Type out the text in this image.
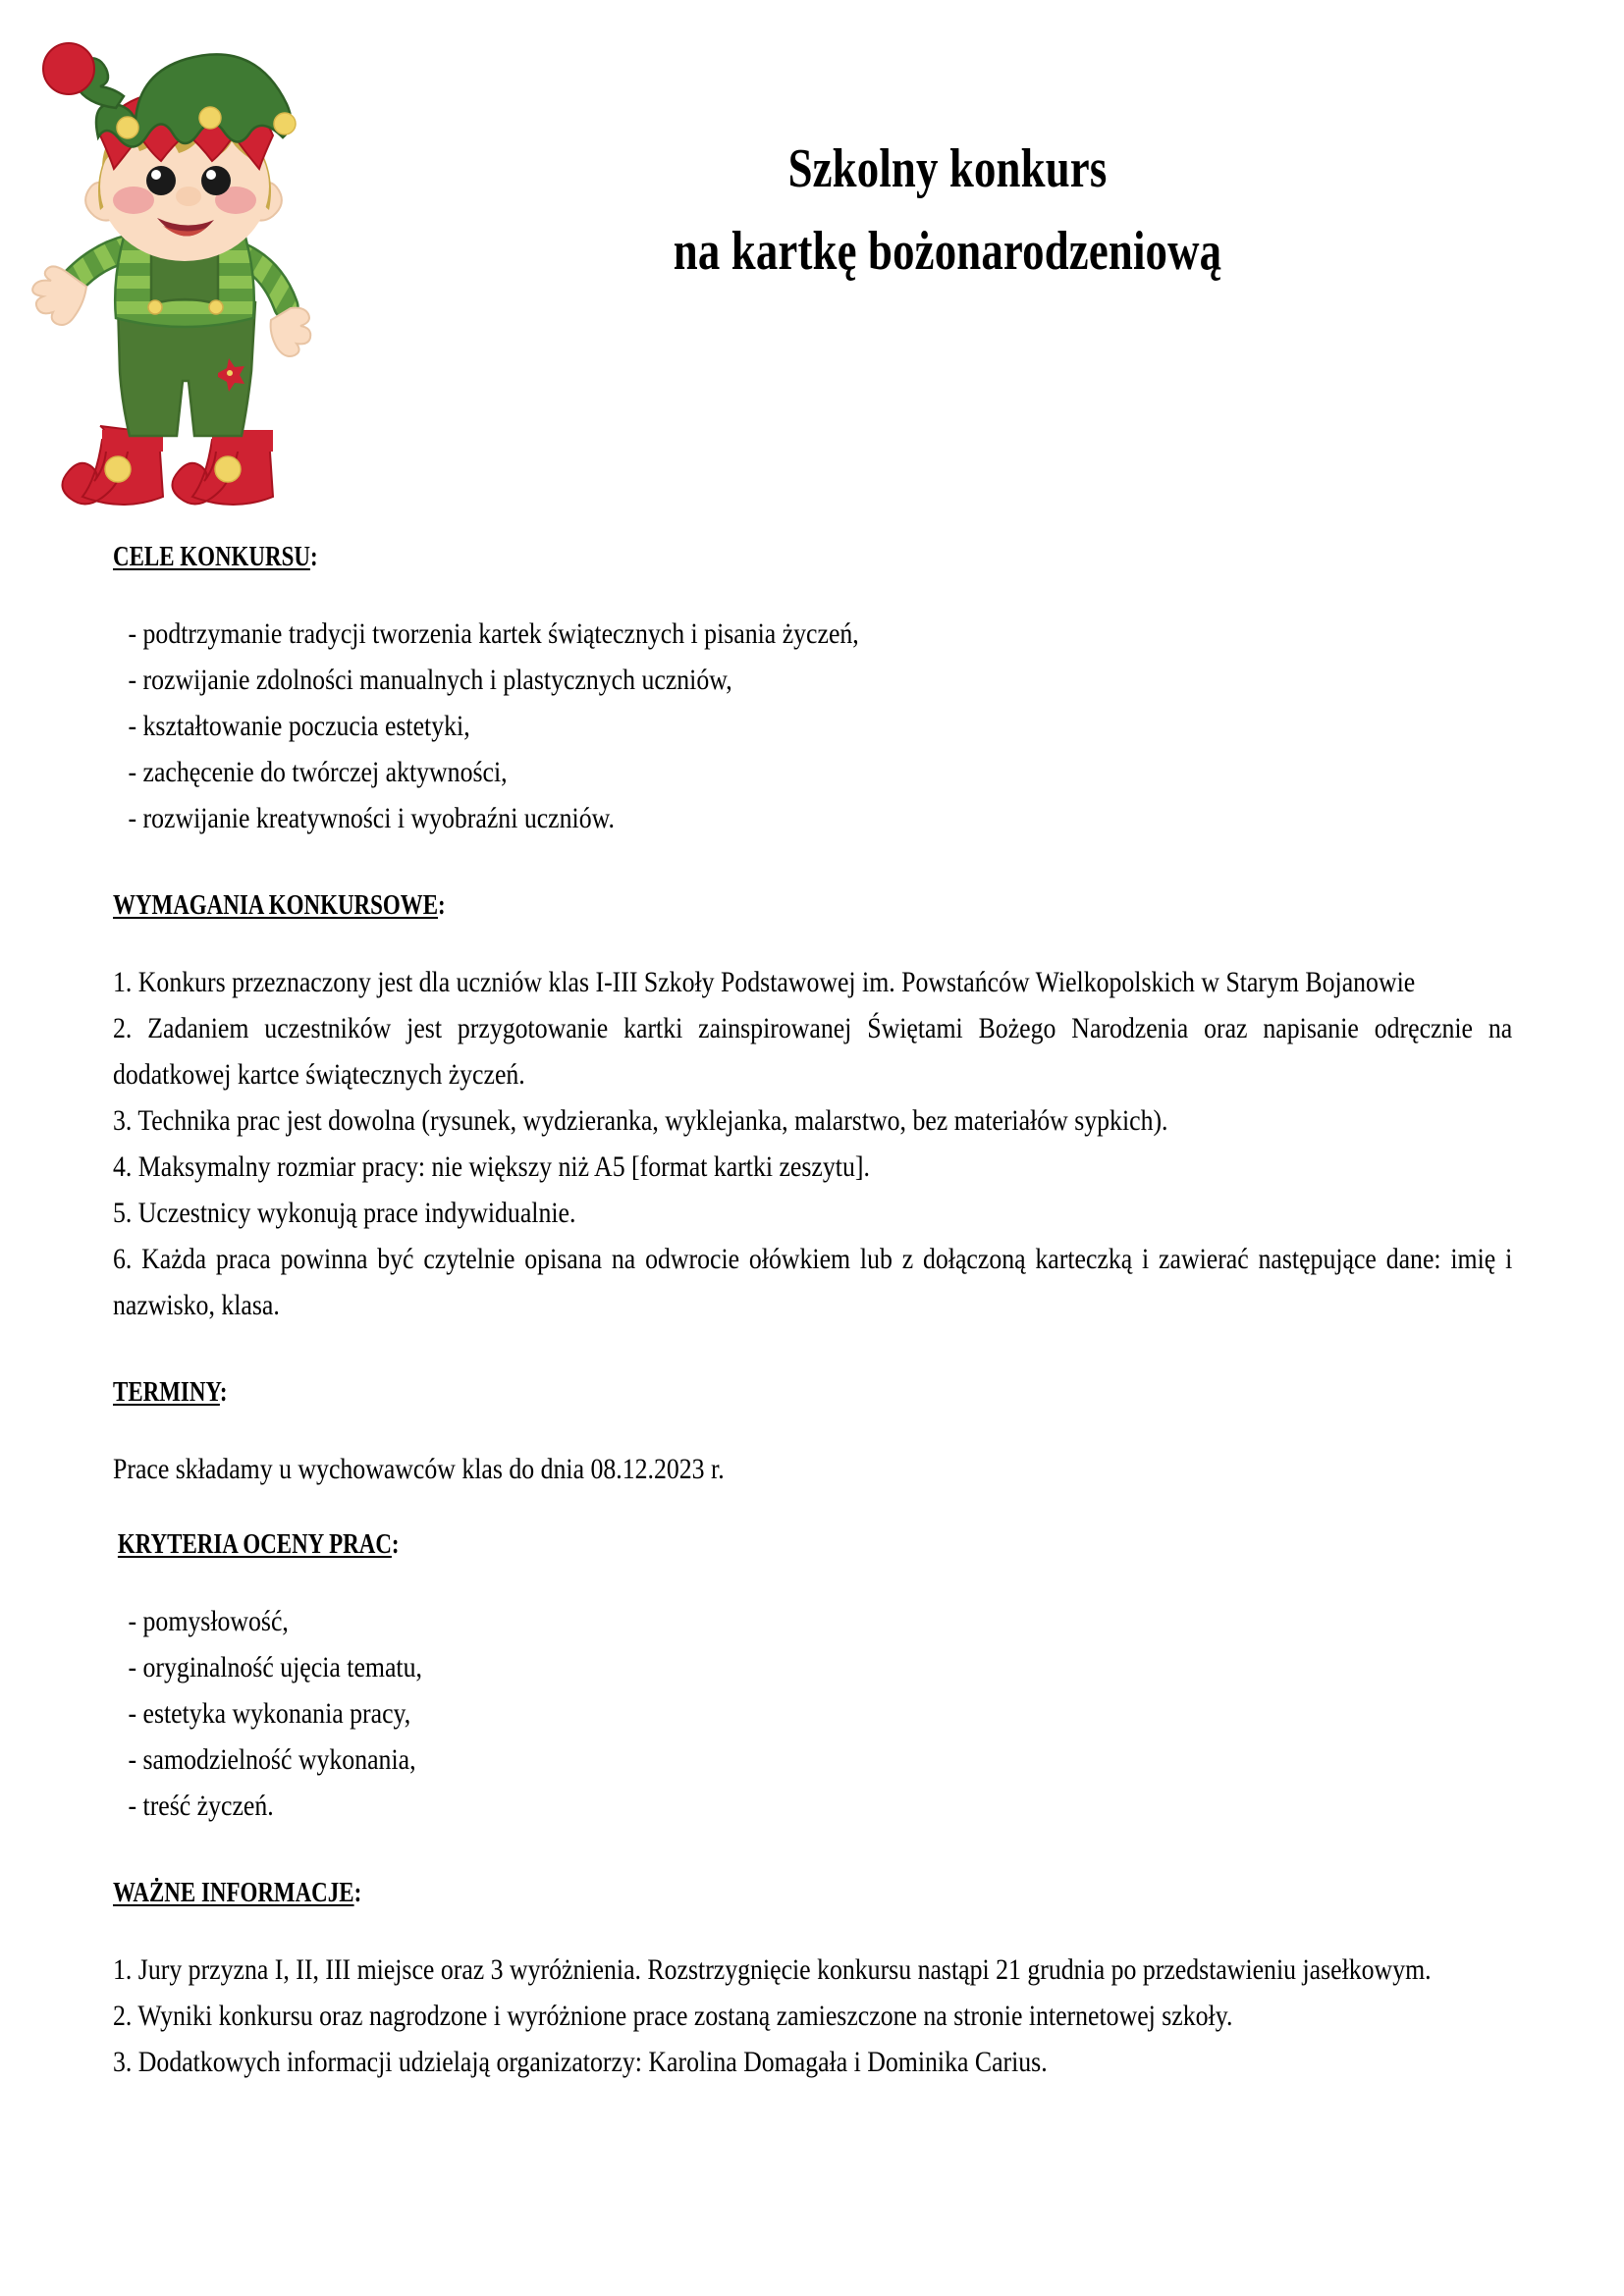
Szkolny konkurs
na kartkę bożonarodzeniową
CELE KONKURSU:
- podtrzymanie tradycji tworzenia kartek świątecznych i pisania życzeń,
- rozwijanie zdolności manualnych i plastycznych uczniów,
- kształtowanie poczucia estetyki,
- zachęcenie do twórczej aktywności,
- rozwijanie kreatywności i wyobraźni uczniów.
WYMAGANIA KONKURSOWE:

1. Konkurs przeznaczony jest dla uczniów klas I-III Szkoły Podstawowej im. Powstańców Wielkopolskich w Starym Bojanowie

2. Zadaniem uczestników jest przygotowanie kartki zainspirowanej Świętami Bożego Narodzenia oraz napisanie odręcznie na dodatkowej kartce świątecznych życzeń.

3. Technika prac jest dowolna (rysunek, wydzieranka, wyklejanka, malarstwo, bez materiałów sypkich).

4. Maksymalny rozmiar pracy: nie większy niż A5 [format kartki zeszytu].

5. Uczestnicy wykonują prace indywidualnie.

6. Każda praca powinna być czytelnie opisana na odwrocie ołówkiem lub z dołączoną karteczką i zawierać następujące dane: imię i nazwisko, klasa.

TERMINY:

Prace składamy u wychowawców klas do dnia 08.12.2023 r.

KRYTERIA OCENY PRAC:
- pomysłowość,
- oryginalność ujęcia tematu,
- estetyka wykonania pracy,
- samodzielność wykonania,
- treść życzeń.
WAŻNE INFORMACJE:

1. Jury przyzna I, II, III miejsce oraz 3 wyróżnienia. Rozstrzygnięcie konkursu nastąpi 21 grudnia po przedstawieniu jasełkowym.

2. Wyniki konkursu oraz nagrodzone i wyróżnione prace zostaną zamieszczone na stronie internetowej szkoły.

3. Dodatkowych informacji udzielają organizatorzy: Karolina Domagała i Dominika Carius.
